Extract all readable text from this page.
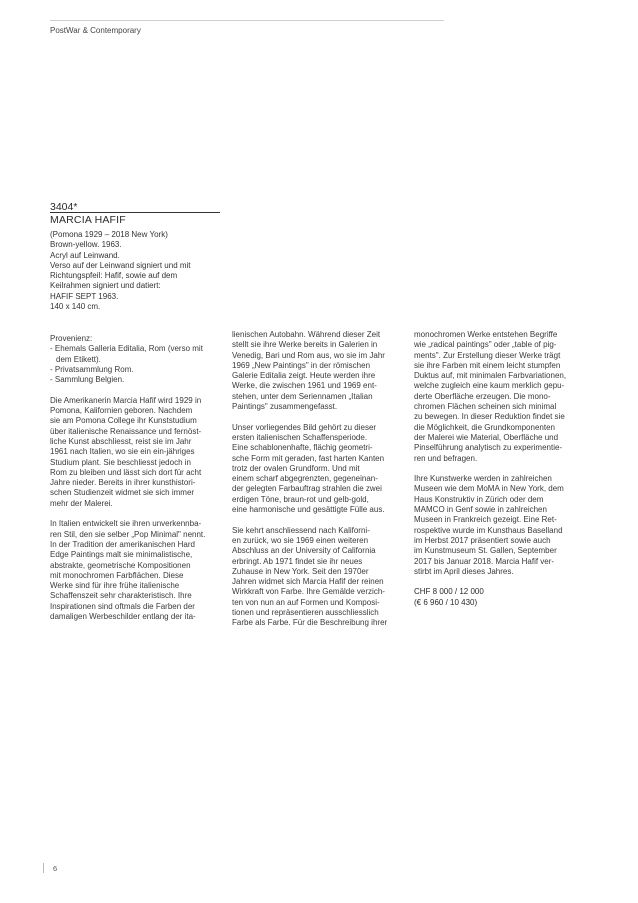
PostWar & Contemporary
3404*
MARCIA HAFIF
(Pomona 1929 – 2018 New York)
Brown-yellow. 1963.
Acryl auf Leinwand.
Verso auf der Leinwand signiert und mit
Richtungspfeil: Hafif, sowie auf dem
Keilrahmen signiert und datiert:
HAFIF SEPT 1963.
140 x 140 cm.

Provenienz:
- Ehemals Galleria Editalia, Rom (verso mit
dem Etikett).
- Privatsammlung Rom.
- Sammlung Belgien.

Die Amerikanerin Marcia Hafif wird 1929 in
Pomona, Kalifornien geboren. Nachdem
sie am Pomona College ihr Kunststudium
über italienische Renaissance und fernöst-
liche Kunst abschliesst, reist sie im Jahr
1961 nach Italien, wo sie ein ein-jähriges
Studium plant. Sie beschliesst jedoch in
Rom zu bleiben und lässt sich dort für acht
Jahre nieder. Bereits in ihrer kunsthistori-
schen Studienzeit widmet sie sich immer
mehr der Malerei.

In Italien entwickelt sie ihren unverkennba-
ren Stil, den sie selber „Pop Minimal" nennt.
In der Tradition der amerikanischen Hard
Edge Paintings malt sie minimalistische,
abstrakte, geometrische Kompositionen
mit monochromen Farbflächen. Diese
Werke sind für ihre frühe italienische
Schaffenszeit sehr charakteristisch. Ihre
Inspirationen sind oftmals die Farben der
damaligen Werbeschilder entlang der ita-

lienischen Autobahn. Während dieser Zeit
stellt sie ihre Werke bereits in Galerien in
Venedig, Bari und Rom aus, wo sie im Jahr
1969 „New Paintings" in der römischen
Galerie Editalia zeigt. Heute werden ihre
Werke, die zwischen 1961 und 1969 ent-
stehen, unter dem Seriennamen „Italian
Paintings" zusammengefasst.

Unser vorliegendes Bild gehört zu dieser
ersten italienischen Schaffensperiode.
Eine schablonenhafte, flächig geometri-
sche Form mit geraden, fast harten Kanten
trotz der ovalen Grundform. Und mit
einem scharf abgegrenzten, gegeneinan-
der gelegten Farbauftrag strahlen die zwei
erdigen Töne, braun-rot und gelb-gold,
eine harmonische und gesättigte Fülle aus.

Sie kehrt anschliessend nach Kaliforni-
en zurück, wo sie 1969 einen weiteren
Abschluss an der University of California
erbringt. Ab 1971 findet sie ihr neues
Zuhause in New York. Seit den 1970er
Jahren widmet sich Marcia Hafif der reinen
Wirkkraft von Farbe. Ihre Gemälde verzich-
ten von nun an auf Formen und Komposi-
tionen und repräsentieren ausschliesslich
Farbe als Farbe. Für die Beschreibung ihrer

monochromen Werke entstehen Begriffe
wie „radical paintings" oder „table of pig-
ments". Zur Erstellung dieser Werke trägt
sie ihre Farben mit einem leicht stumpfen
Duktus auf, mit minimalen Farbvariationen,
welche zugleich eine kaum merklich gepu-
derte Oberfläche erzeugen. Die mono-
chromen Flächen scheinen sich minimal
zu bewegen. In dieser Reduktion findet sie
die Möglichkeit, die Grundkomponenten
der Malerei wie Material, Oberfläche und
Pinselführung analytisch zu experimentie-
ren und befragen.

Ihre Kunstwerke werden in zahlreichen
Museen wie dem MoMA in New York, dem
Haus Konstruktiv in Zürich oder dem
MAMCO in Genf sowie in zahlreichen
Museen in Frankreich gezeigt. Eine Ret-
rospektive wurde im Kunsthaus Baselland
im Herbst 2017 präsentiert sowie auch
im Kunstmuseum St. Gallen, September
2017 bis Januar 2018. Marcia Hafif ver-
stirbt im April dieses Jahres.

CHF 8 000 / 12 000
(€ 6 960 / 10 430)

6
